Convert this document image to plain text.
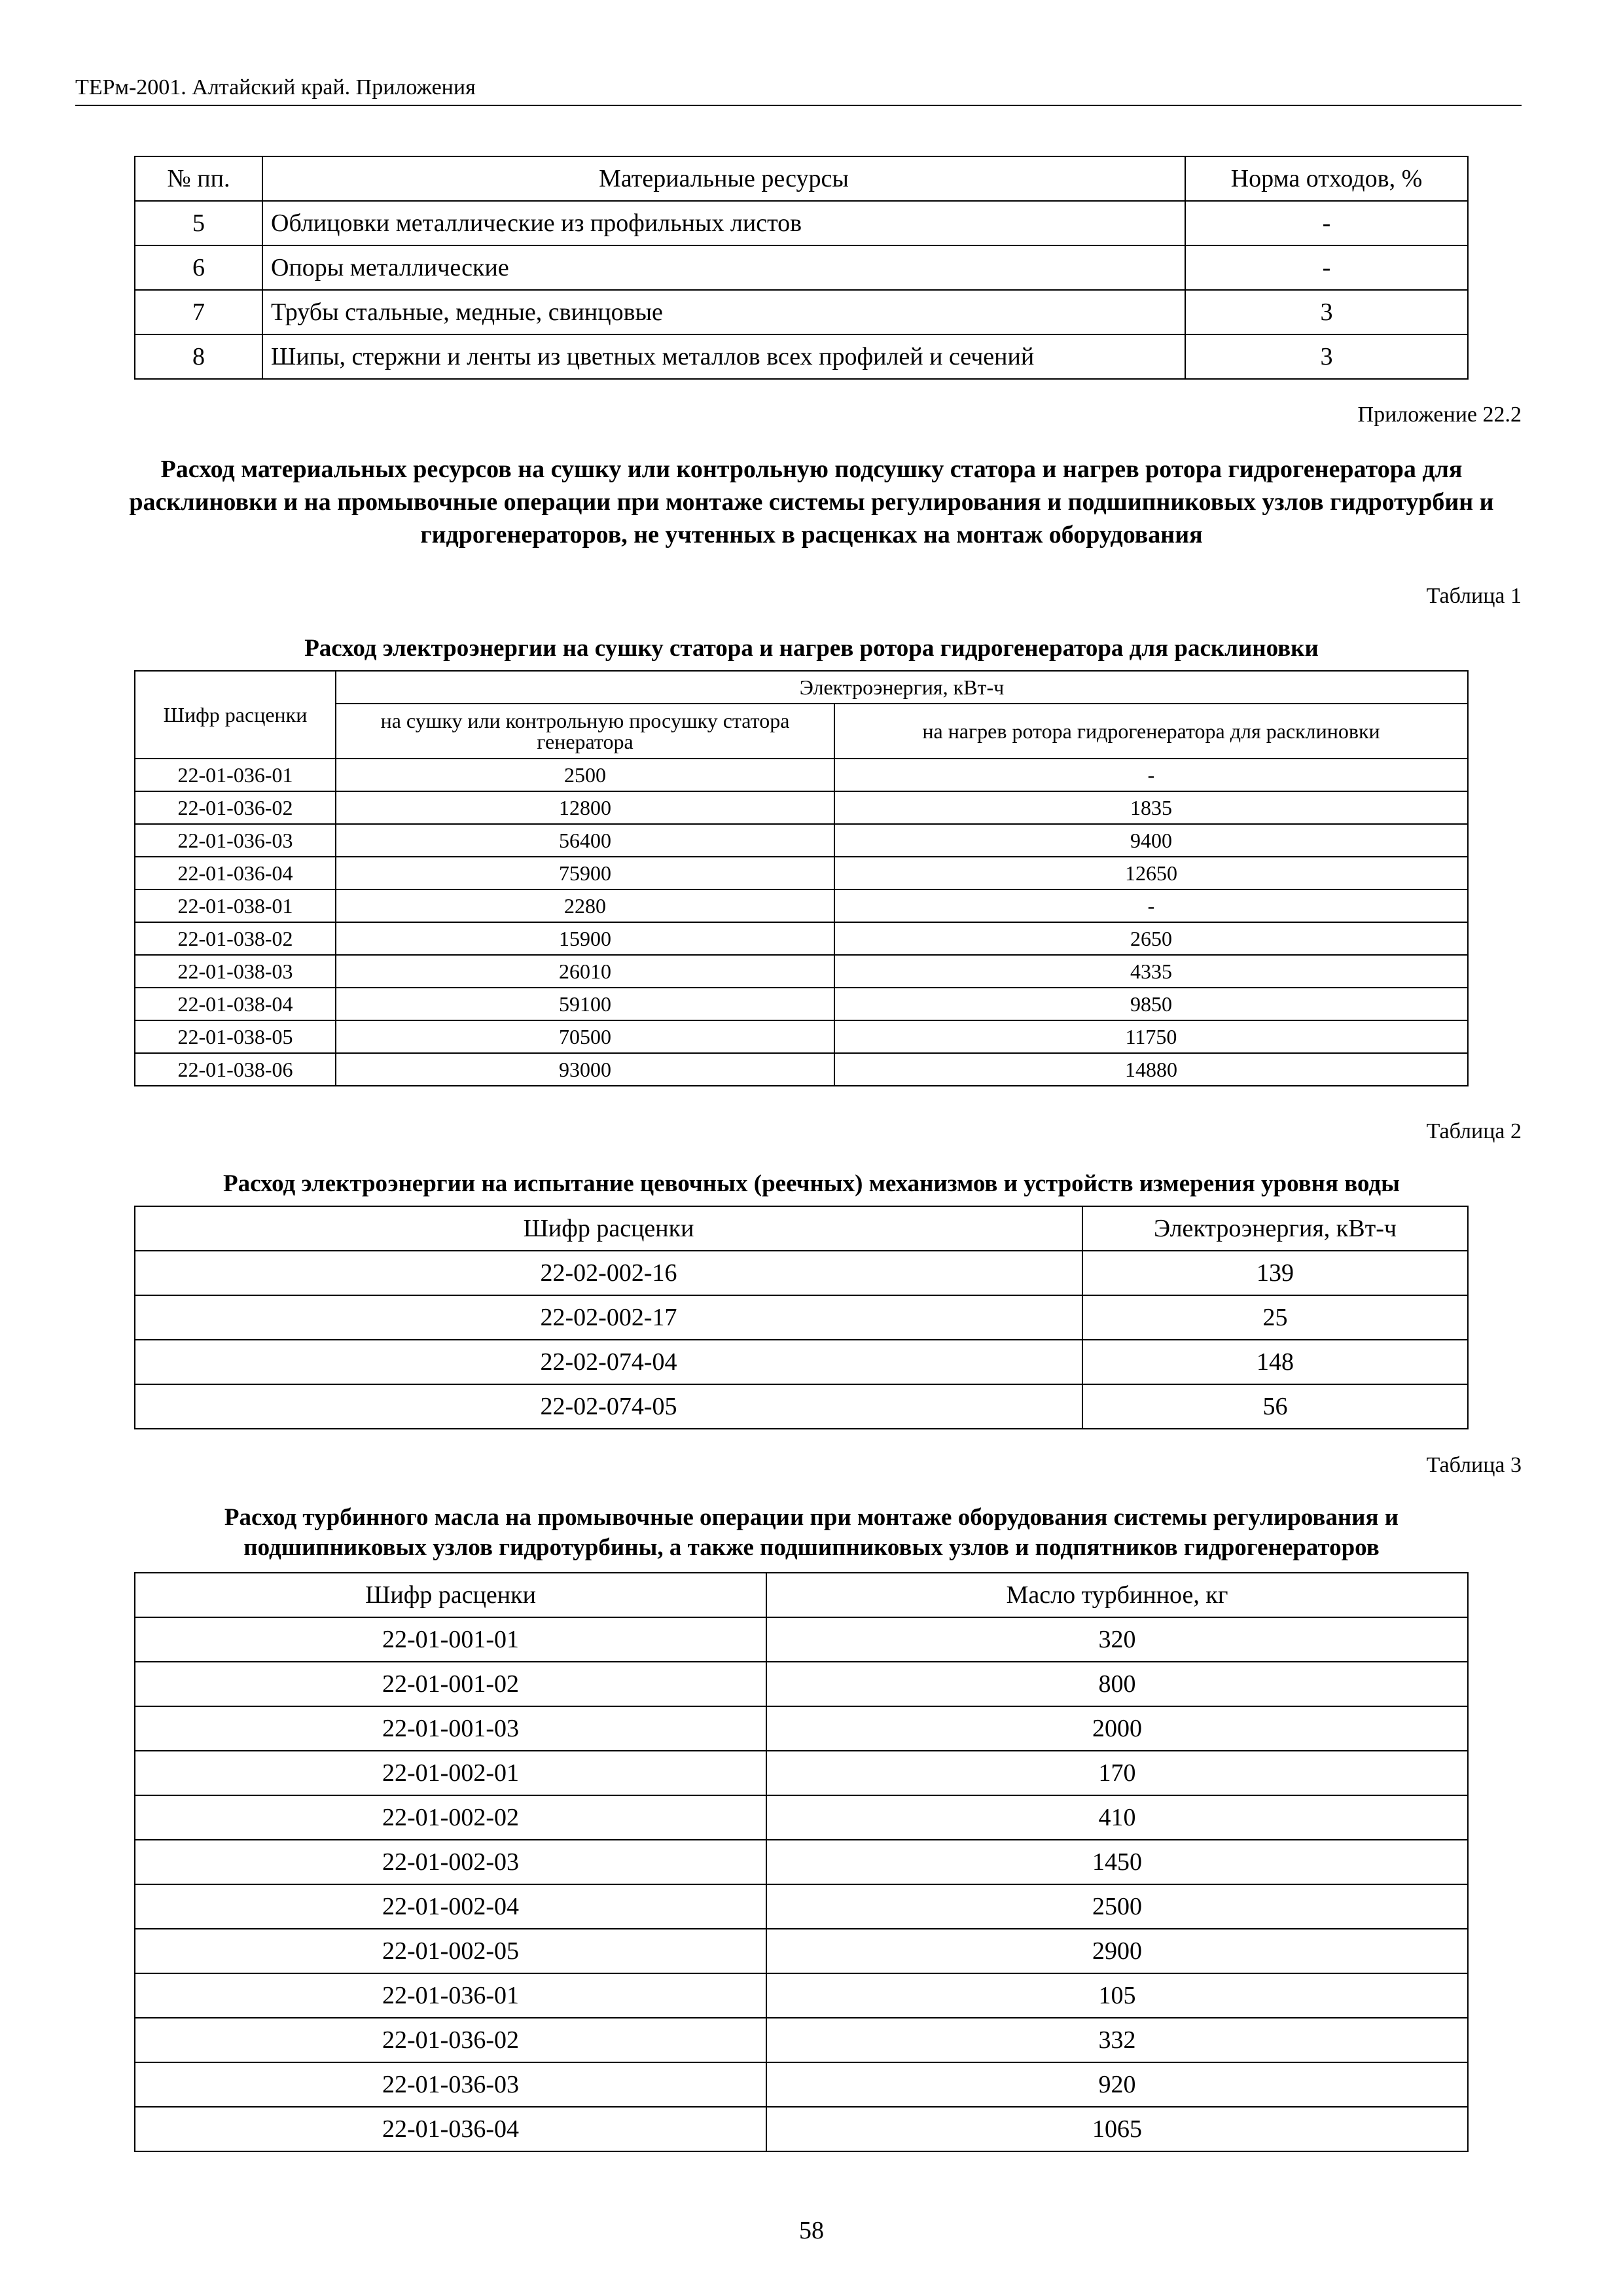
ТЕРм-2001. Алтайский край. Приложения
№ пп.	Материальные ресурсы	Норма отходов, %
5	Облицовки металлические из профильных листов	-
6	Опоры металлические	-
7	Трубы стальные, медные, свинцовые	3
8	Шипы, стержни и ленты из цветных металлов всех профилей и сечений	3
Приложение 22.2
Расход материальных ресурсов на сушку или контрольную подсушку статора и нагрев ротора гидрогенератора для расклиновки и на промывочные операции при монтаже системы регулирования и подшипниковых узлов гидротурбин и гидрогенераторов, не учтенных в расценках на монтаж оборудования
Таблица 1
Расход электроэнергии на сушку статора и нагрев ротора гидрогенератора для расклиновки
Шифр расценки	Электроэнергия, кВт-ч	
	на сушку или контрольную просушку статора генератора	на нагрев ротора гидрогенератора для расклиновки
22-01-036-01	2500	-
22-01-036-02	12800	1835
22-01-036-03	56400	9400
22-01-036-04	75900	12650
22-01-038-01	2280	-
22-01-038-02	15900	2650
22-01-038-03	26010	4335
22-01-038-04	59100	9850
22-01-038-05	70500	11750
22-01-038-06	93000	14880
Таблица 2
Расход электроэнергии на испытание цевочных (реечных) механизмов и устройств измерения уровня воды
Шифр расценки	Электроэнергия, кВт-ч
22-02-002-16	139
22-02-002-17	25
22-02-074-04	148
22-02-074-05	56
Таблица 3
Расход турбинного масла на промывочные операции при монтаже оборудования системы регулирования и
подшипниковых узлов гидротурбины, а также подшипниковых узлов и подпятников гидрогенераторов
Шифр расценки	Масло турбинное, кг
22-01-001-01	320
22-01-001-02	800
22-01-001-03	2000
22-01-002-01	170
22-01-002-02	410
22-01-002-03	1450
22-01-002-04	2500
22-01-002-05	2900
22-01-036-01	105
22-01-036-02	332
22-01-036-03	920
22-01-036-04	1065
58
